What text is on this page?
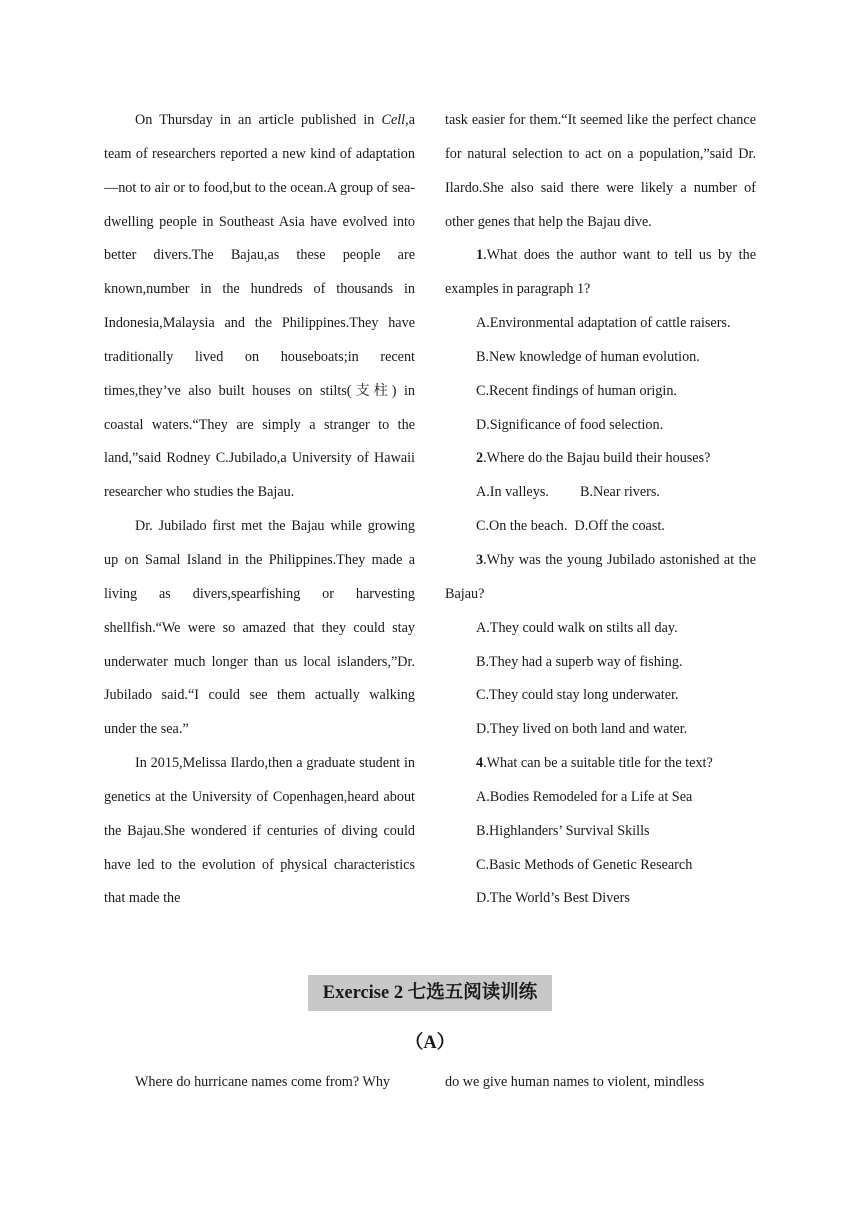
On Thursday in an article published in Cell,a team of researchers reported a new kind of adaptation—not to air or to food,but to the ocean.A group of sea-dwelling people in Southeast Asia have evolved into better divers.The Bajau,as these people are known,number in the hundreds of thousands in Indonesia,Malaysia and the Philippines.They have traditionally lived on houseboats;in recent times,they’ve also built houses on stilts(支柱) in coastal waters.“They are simply a stranger to the land,”said Rodney C.Jubilado,a University of Hawaii researcher who studies the Bajau.

Dr. Jubilado first met the Bajau while growing up on Samal Island in the Philippines.They made a living as divers,spearfishing or harvesting shellfish.“We were so amazed that they could stay underwater much longer than us local islanders,”Dr. Jubilado said.“I could see them actually walking under the sea.”

In 2015,Melissa Ilardo,then a graduate student in genetics at the University of Copenhagen,heard about the Bajau.She wondered if centuries of diving could have led to the evolution of physical characteristics that made the

task easier for them.“It seemed like the perfect chance for natural selection to act on a population,”said Dr. Ilardo.She also said there were likely a number of other genes that help the Bajau dive.

1.What does the author want to tell us by the examples in paragraph 1?

A.Environmental adaptation of cattle raisers.

B.New knowledge of human evolution.

C.Recent findings of human origin.

D.Significance of food selection.

2.Where do the Bajau build their houses?

A.In valleys. B.Near rivers.

C.On the beach. D.Off the coast.

3.Why was the young Jubilado astonished at the Bajau?

A.They could walk on stilts all day.

B.They had a superb way of fishing.

C.They could stay long underwater.

D.They lived on both land and water.

4.What can be a suitable title for the text?

A.Bodies Remodeled for a Life at Sea

B.Highlanders’ Survival Skills

C.Basic Methods of Genetic Research

D.The World’s Best Divers

Exercise 2 七选五阅读训练
（A）
Where do hurricane names come from? Why	do we give human names to violent, mindless
